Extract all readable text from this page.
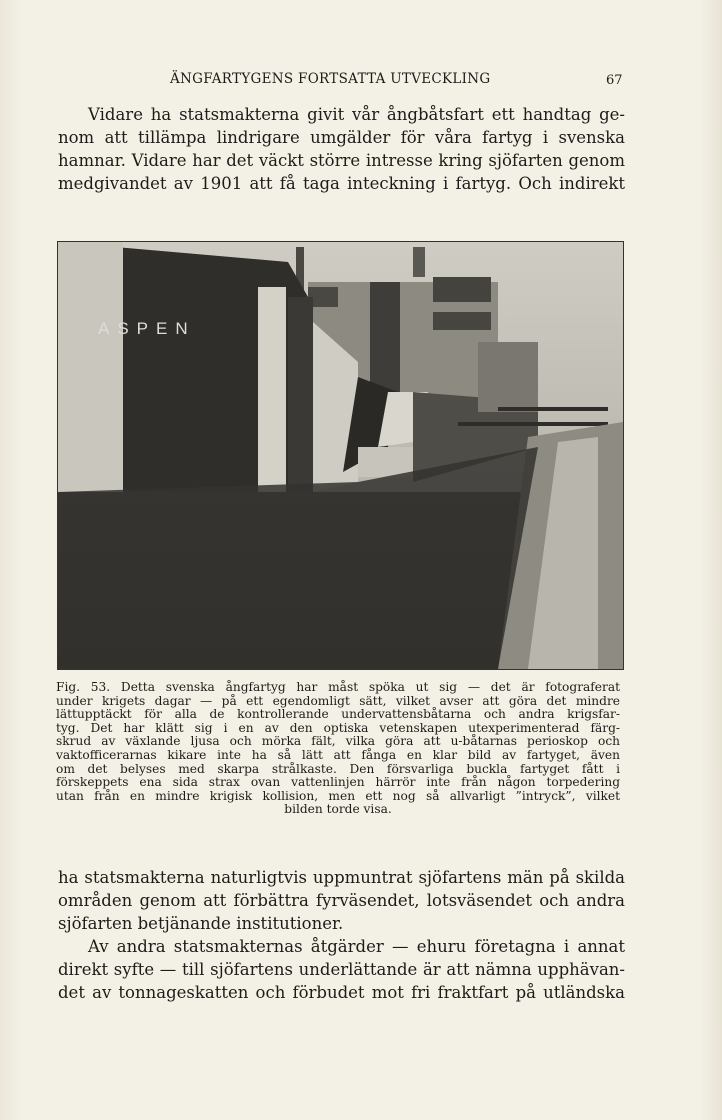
ÄNGFARTYGENS FORTSATTA UTVECKLING	67
Vidare ha statsmakterna givit vår ångbåtsfart ett handtag ge-
nom att tillämpa lindrigare umgälder för våra fartyg i svenska
hamnar. Vidare har det väckt större intresse kring sjöfarten genom
medgivandet av 1901 att få taga inteckning i fartyg. Och indirekt
ASPEN
Fig. 53. Detta svenska ångfartyg har måst spöka ut sig — det är fotograferat
under krigets dagar — på ett egendomligt sätt, vilket avser att göra det mindre
lättupptäckt för alla de kontrollerande undervattensbåtarna och andra krigsfar-
tyg. Det har klätt sig i en av den optiska vetenskapen utexperimenterad färg-
skrud av växlande ljusa och mörka fält, vilka göra att u-båtarnas perioskop och
vaktofficerarnas kikare inte ha så lätt att fånga en klar bild av fartyget, även
om det belyses med skarpa strålkaste. Den försvarliga buckla fartyget fått i
förskeppets ena sida strax ovan vattenlinjen härrör inte från någon torpedering
utan från en mindre krigisk kollision, men ett nog så allvarligt ”intryck”, vilket
bilden torde visa.
ha statsmakterna naturligtvis uppmuntrat sjöfartens män på skilda
områden genom att förbättra fyrväsendet, lotsväsendet och andra
sjöfarten betjänande institutioner.
Av andra statsmakternas åtgärder — ehuru företagna i annat
direkt syfte — till sjöfartens underlättande är att nämna upphävan-
det av tonnageskatten och förbudet mot fri fraktfart på utländska
